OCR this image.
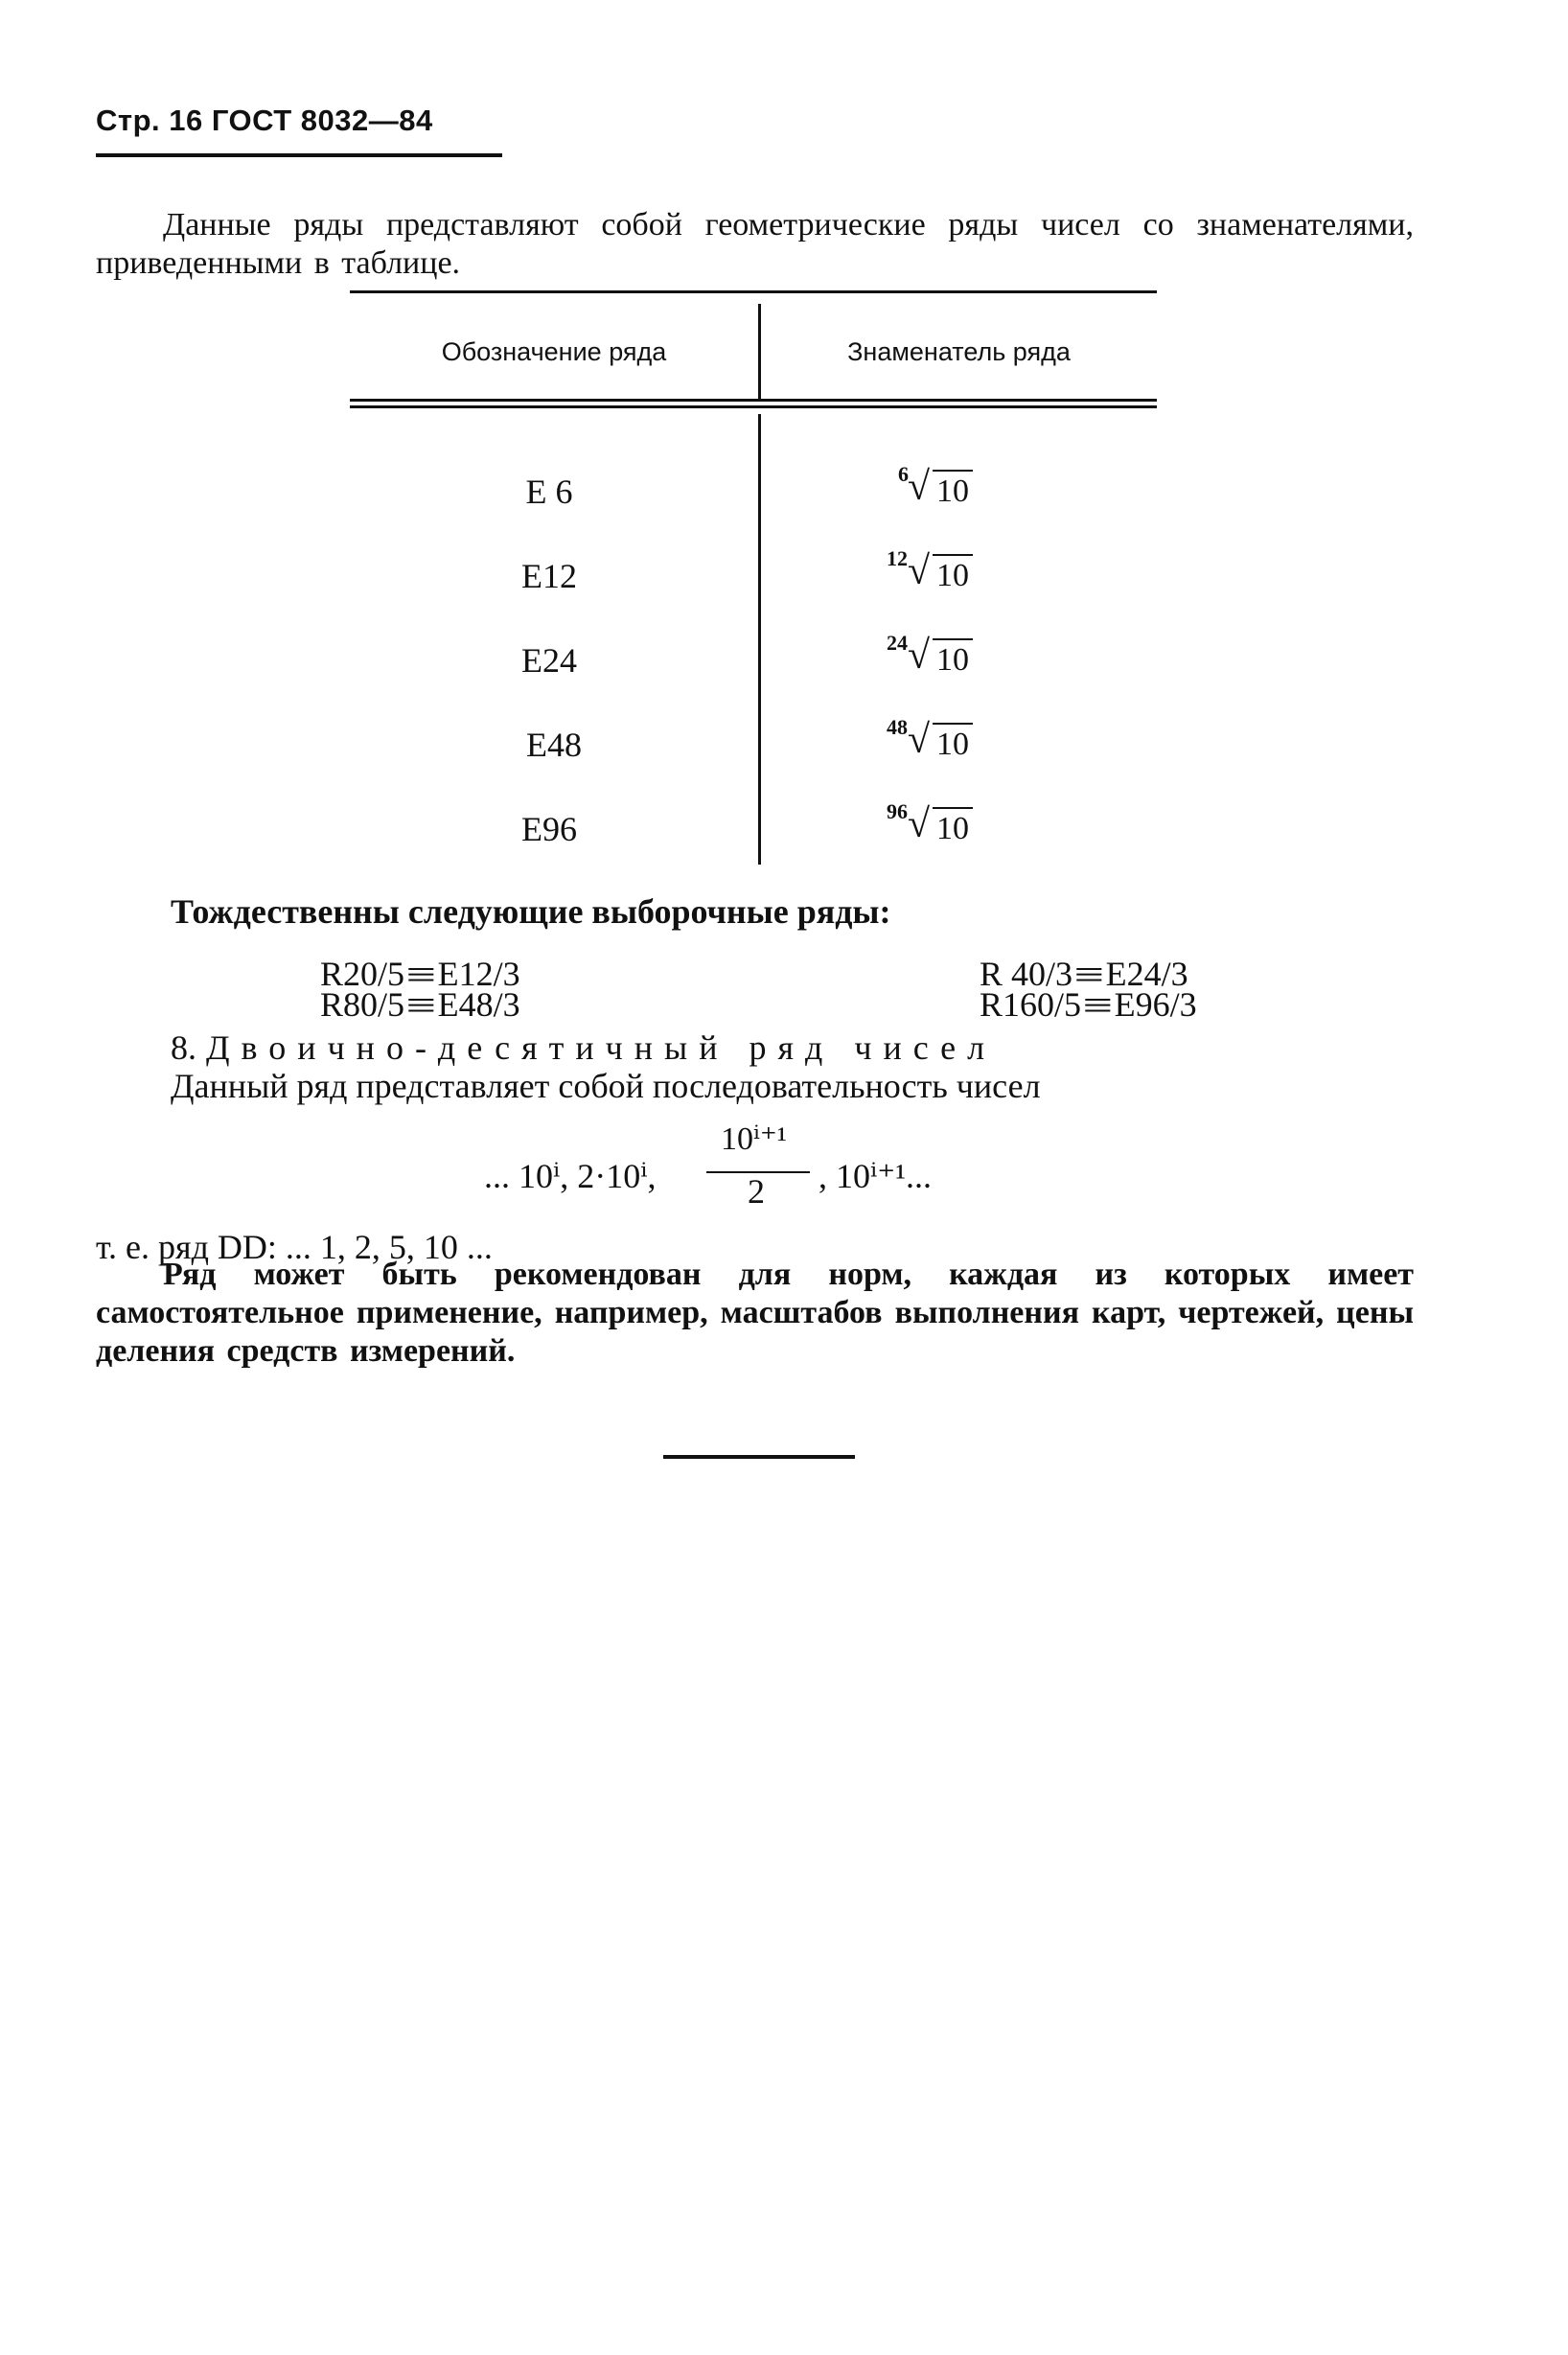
Стр. 16 ГОСТ 8032—84
Данные ряды представляют собой геометрические ряды чисел со знаменателями, приведенными в таблице.
Обозначение ряда	Знаменатель ряда
E 6	6 √ 10
E12	12 √ 10
E24	24 √ 10
E48	48 √ 10
E96	96 √ 10
Тождественны следующие выборочные ряды:
R20/5≡E12/3	R 40/3≡E24/3
R80/5≡E48/3	R160/5≡E96/3
8. Двоично-десятичный ряд чисел
Данный ряд представляет собой последовательность чисел
... 10ⁱ, 2·10ⁱ,
10ⁱ⁺¹
2 , 10ⁱ⁺¹...
т. е. ряд DD: ... 1, 2, 5, 10 ...
Ряд может быть рекомендован для норм, каждая из которых имеет самостоятельное применение, например, масштабов выполнения карт, чертежей, цены деления средств измерений.
